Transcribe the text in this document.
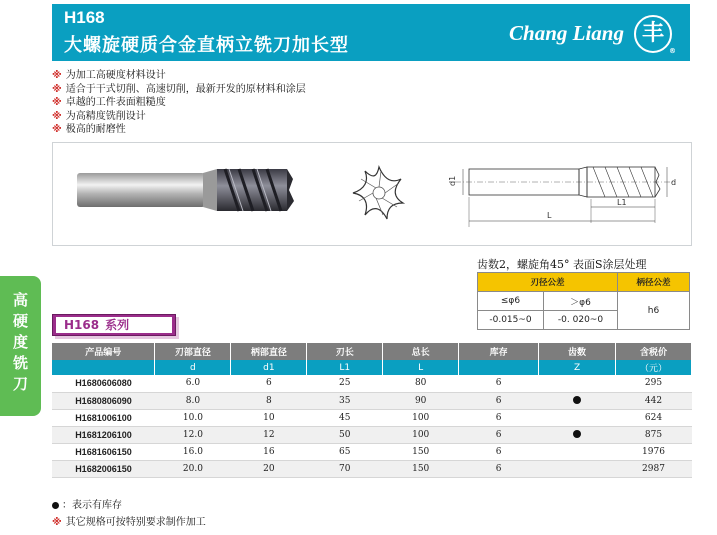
H168
大螺旋硬质合金直柄立铣刀加长型
Chang Liang 丰
®
※ 为加工高硬度材料设计
※ 适合于干式切削、高速切削，最新开发的原材料和涂层
※ 卓越的工件表面粗糙度
※ 为高精度铣削设计
※ 极高的耐磨性
d1	d
L1
L
齿数2，螺旋角45° 表面S涂层处理
刃径公差		柄径公差
≤φ6	＞φ6	h6
-0.015~0	-0. 020~0	
高
硬
度
铣
刀
H168 系列
产品编号	刃部直径	柄部直径	刃长	总长	库存	齿数	含税价
	d	d1	L1	L		Z	（元）
H1680606080	6.0	6	25	80	6		295
H1680806090	8.0	8	35	90	6		442
H1681006100	10.0	10	45	100	6		624
H1681206100	12.0	12	50	100	6		875
H1681606150	16.0	16	65	150	6		1976
H1682006150	20.0	20	70	150	6		2987
：表示有库存
※ 其它规格可按特别要求制作加工
